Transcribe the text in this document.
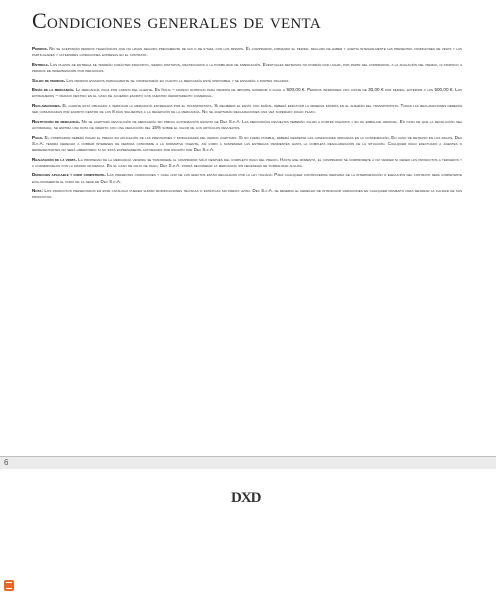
Condiciones generales de venta

Pedidos. No se aceptarán pedidos telefónicos que no hayan seguido previamente de fax o de e-mail con los mismos. El comprador, firmando el pedido, declara de haber y acepta integralmente las presentes condiciones de venta y las particulares y ulteriores condiciones expresas en el contrato.

Entrega. Los plazos de entrega se tendrán carácter indicativo, siendo distintos, rectificados a la posibilidad de fabricación. Eventuales retrasos no podrán dar lugar, por parte del comprador, a la anulación del pedido, ni tampoco a pedidos de indemnización por perjuicios.

Saldo de pedidos. Los pedidos enviados parcialmente se completarán en cuanto la mercancía esté disponible y se enviarán a portes pagados.

Envío de la mercancía. La mercancía viaja por cuenta del cliente. En Italia – franco domicilio para pedidos de importe superior o igual a 500,00 €. Pedidos inferiores con coste de 30,00 € por pedido, exterior a los 500,00 €. Los extranjeros – franco destino en el caso de acuerdo escrito con nuestro departamento comercial.

Reclamaciones. El cliente está obligado a verificar la mercancía entregada por el transportista. Si recibiera el envío con daños, deberá efectuar la reserva escrita en el albarán del transportista. Todas las reclamaciones deberán ser comunicadas por escrito dentro de los 8 días siguientes a la recepción de la mercancía. No se aceptarán reclamaciones una vez superado dicho plazo.

Restitución de mercancía. No se aceptará devolución de mercancía sin previa autorización escrita de Dex S.p.A. Las mercancías devueltas deberán viajar a portes pagados y en su embalaje original. En caso de que la devolución sea autorizada, se emitirá una nota de crédito con una deducción del 15% sobre el valor de los artículos devueltos.

Pago. El comprador deberá pagar el precio en aplicación de las previsiones y modalidades del pedido aceptado. Si no fuera posible, deberá respetar las condiciones indicadas en la confirmación. En caso de retraso en los pagos, Dex S.p.A. tendrá derecho a cobrar intereses de demora conforme a la normativa vigente, así como a suspender las entregas pendientes hasta la completa regularización de la situación. Cualquier pago efectuado a agentes o representantes no será liberatorio si no está expresamente autorizado por escrito por Dex S.p.A.

Realización de la venta. La propiedad de la mercancía vendida se transfiere al comprador sólo después del completo pago del precio. Hasta ese momento, el comprador se compromete a no vender ni ceder los productos a terceros y a conservarlos con la máxima diligencia. En el caso de falta de pago, Dex S.p.A. podrá recuperar la mercancía sin necesidad de formalidad alguna.

Derechos aplicable y foro competente. Las presentes condiciones y cada uno de los efectos están regulados por la ley italiana. Para cualquier controversia derivada de la interpretación o ejecución del contrato será competente exclusivamente el foro de la sede de Dex S.p.A.

Nota: Los productos presentados en este catálogo pueden sufrir modificaciones técnicas o estéticas sin previo aviso. Dex S.p.A. se reserva el derecho de introducir variaciones en cualquier momento para mejorar la calidad de sus productos.

6
DXD
